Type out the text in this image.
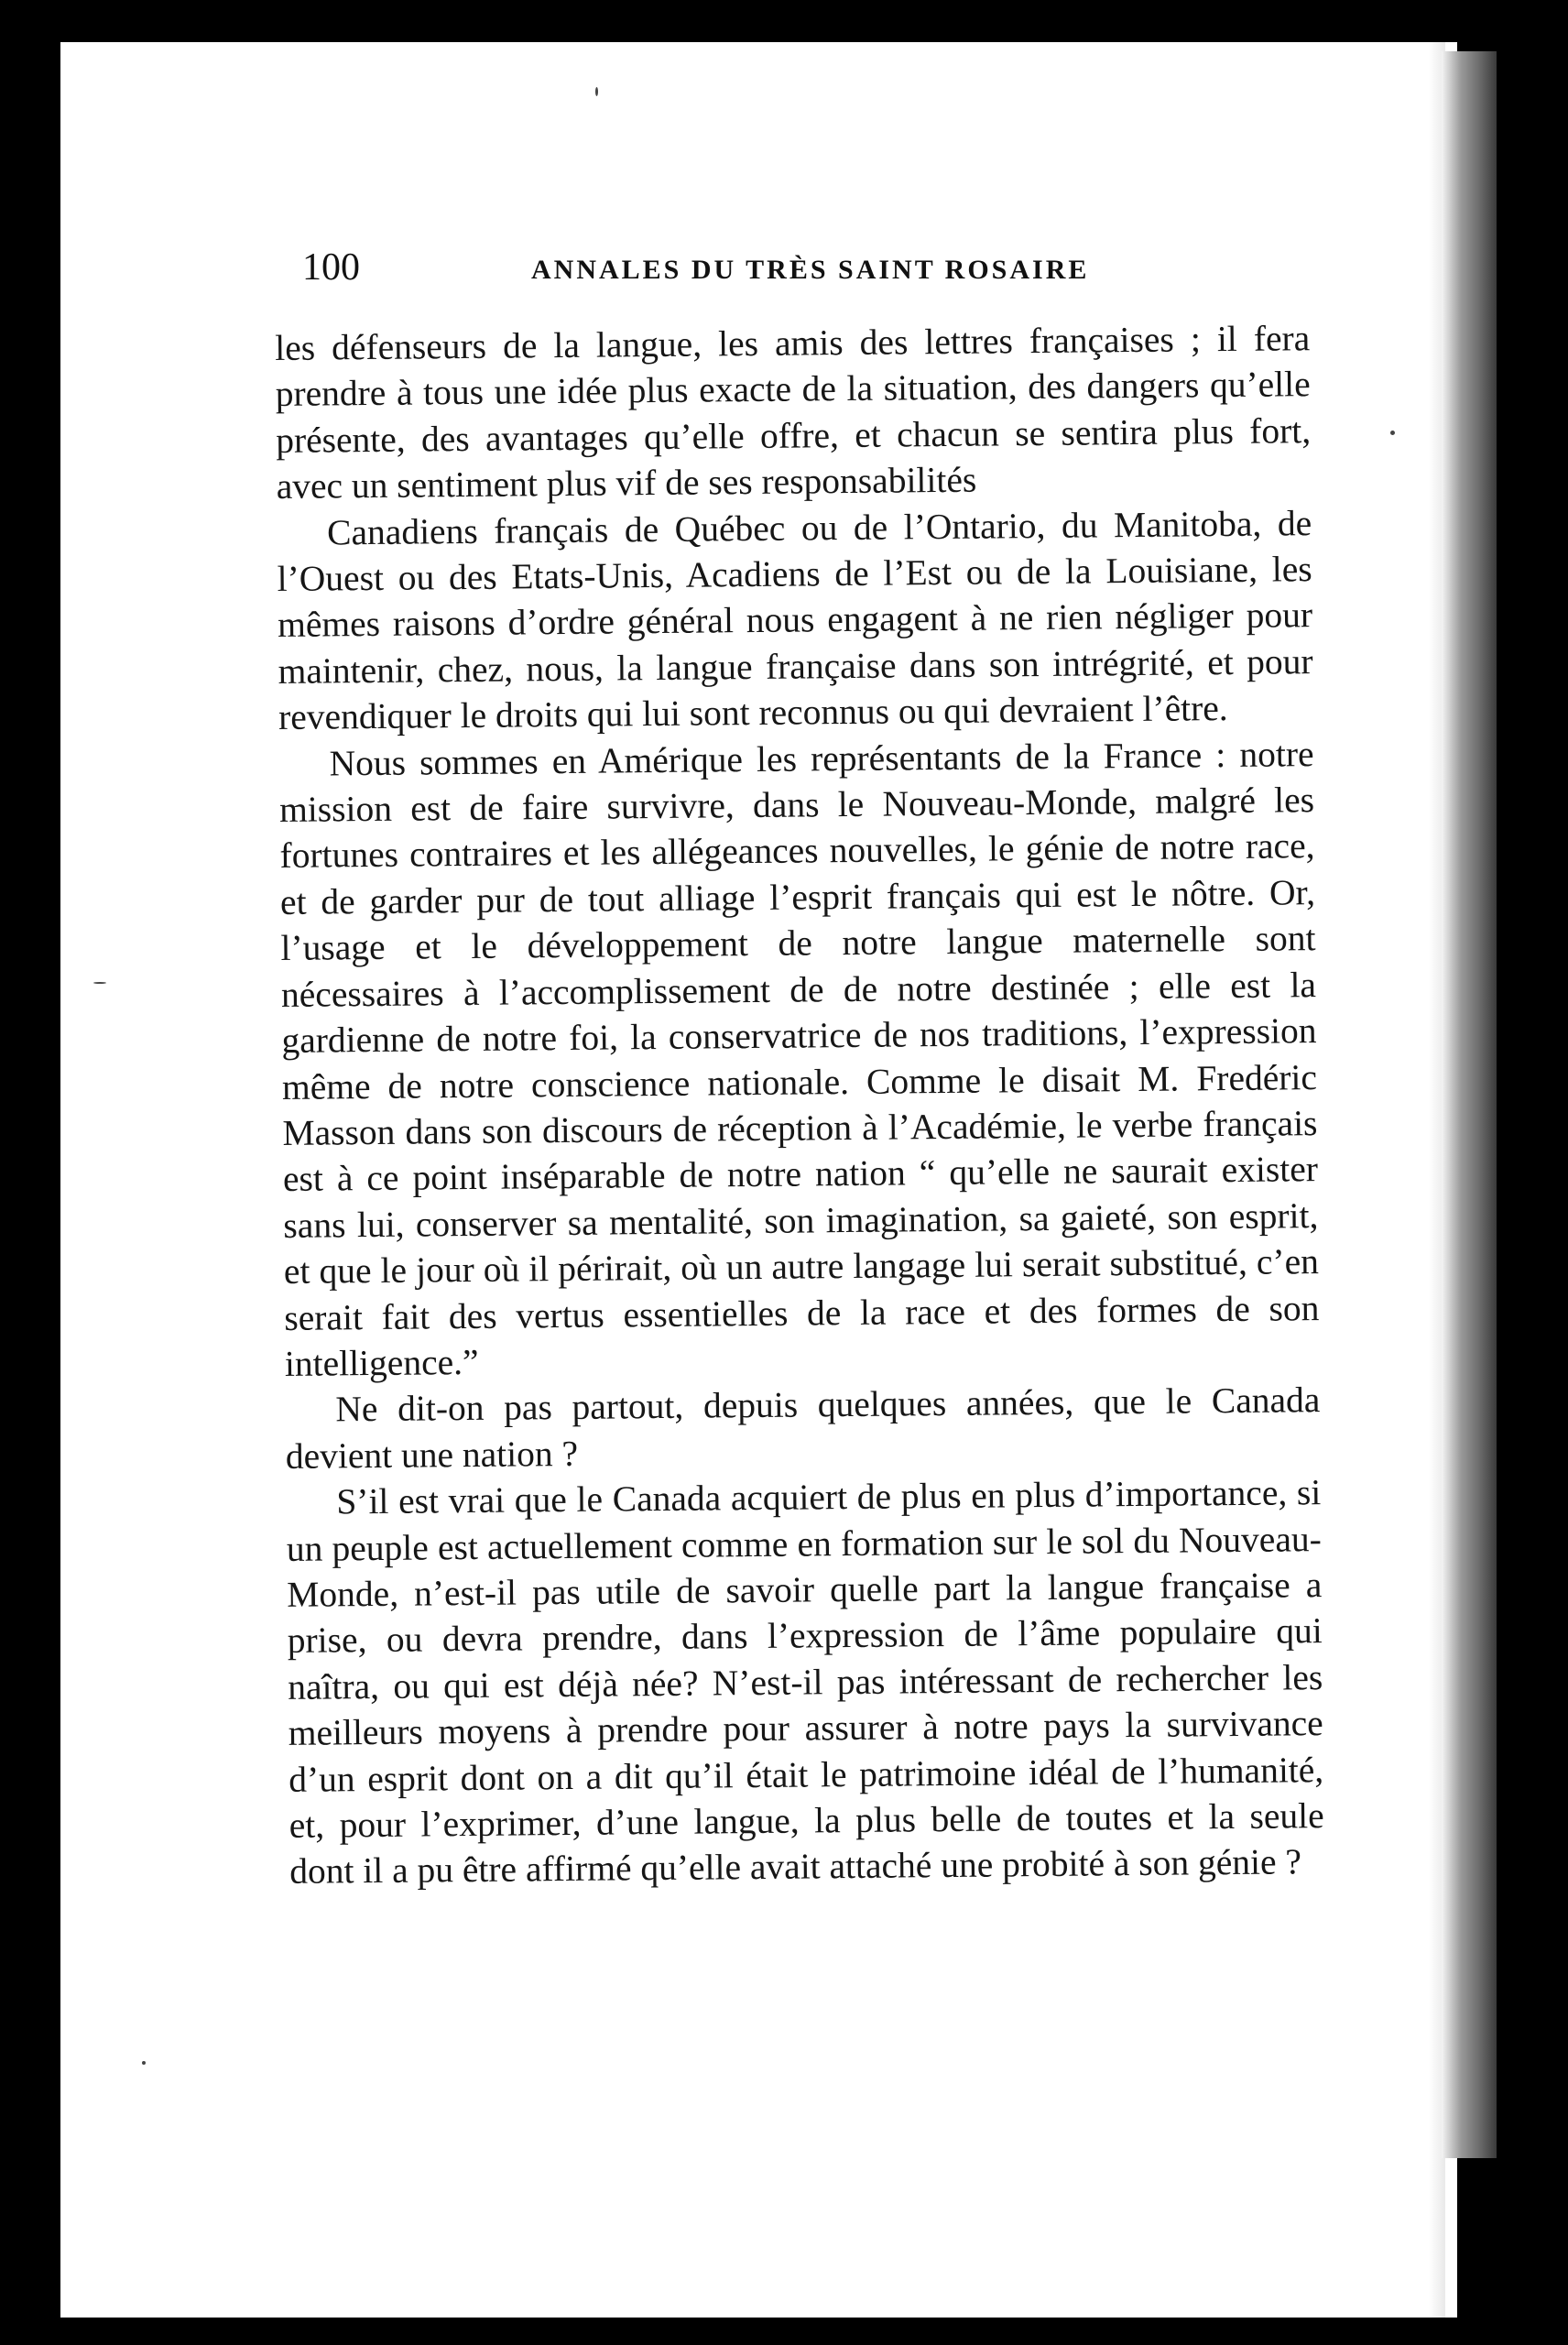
100	ANNALES DU TRÈS SAINT ROSAIRE

les défenseurs de la langue, les amis des lettres françaises ; il fera prendre à tous une idée plus exacte de la situation, des dangers qu’elle présente, des avantages qu’elle offre, et chacun se sentira plus fort, avec un sentiment plus vif de ses responsabilités

Canadiens français de Québec ou de l’Ontario, du Manitoba, de l’Ouest ou des Etats-Unis, Acadiens de l’Est ou de la Louisiane, les mêmes raisons d’ordre général nous engagent à ne rien négliger pour maintenir, chez, nous, la langue française dans son intrégrité, et pour revendiquer le droits qui lui sont reconnus ou qui devraient l’être.

Nous sommes en Amérique les représentants de la France : notre mission est de faire survivre, dans le Nouveau-Monde, malgré les fortunes contraires et les allégeances nouvelles, le génie de notre race, et de garder pur de tout alliage l’esprit français qui est le nôtre. Or, l’usage et le développement de notre langue maternelle sont nécessaires à l’accomplissement de de notre destinée ; elle est la gardienne de notre foi, la conservatrice de nos traditions, l’expression même de notre conscience nationale. Comme le disait M. Fredéric Masson dans son discours de réception à l’Académie, le verbe français est à ce point inséparable de notre nation “ qu’elle ne saurait exister sans lui, conserver sa mentalité, son imagination, sa gaieté, son esprit, et que le jour où il périrait, où un autre langage lui serait substitué, c’en serait fait des vertus essentielles de la race et des formes de son intelligence.”

Ne dit-on pas partout, depuis quelques années, que le Canada devient une nation ?

S’il est vrai que le Canada acquiert de plus en plus d’importance, si un peuple est actuellement comme en formation sur le sol du Nouveau-Monde, n’est-il pas utile de savoir quelle part la langue française a prise, ou devra prendre, dans l’expression de l’âme populaire qui naîtra, ou qui est déjà née? N’est-il pas intéressant de rechercher les meilleurs moyens à prendre pour assurer à notre pays la survivance d’un esprit dont on a dit qu’il était le patrimoine idéal de l’humanité, et, pour l’exprimer, d’une langue, la plus belle de toutes et la seule dont il a pu être affirmé qu’elle avait attaché une probité à son génie ?
